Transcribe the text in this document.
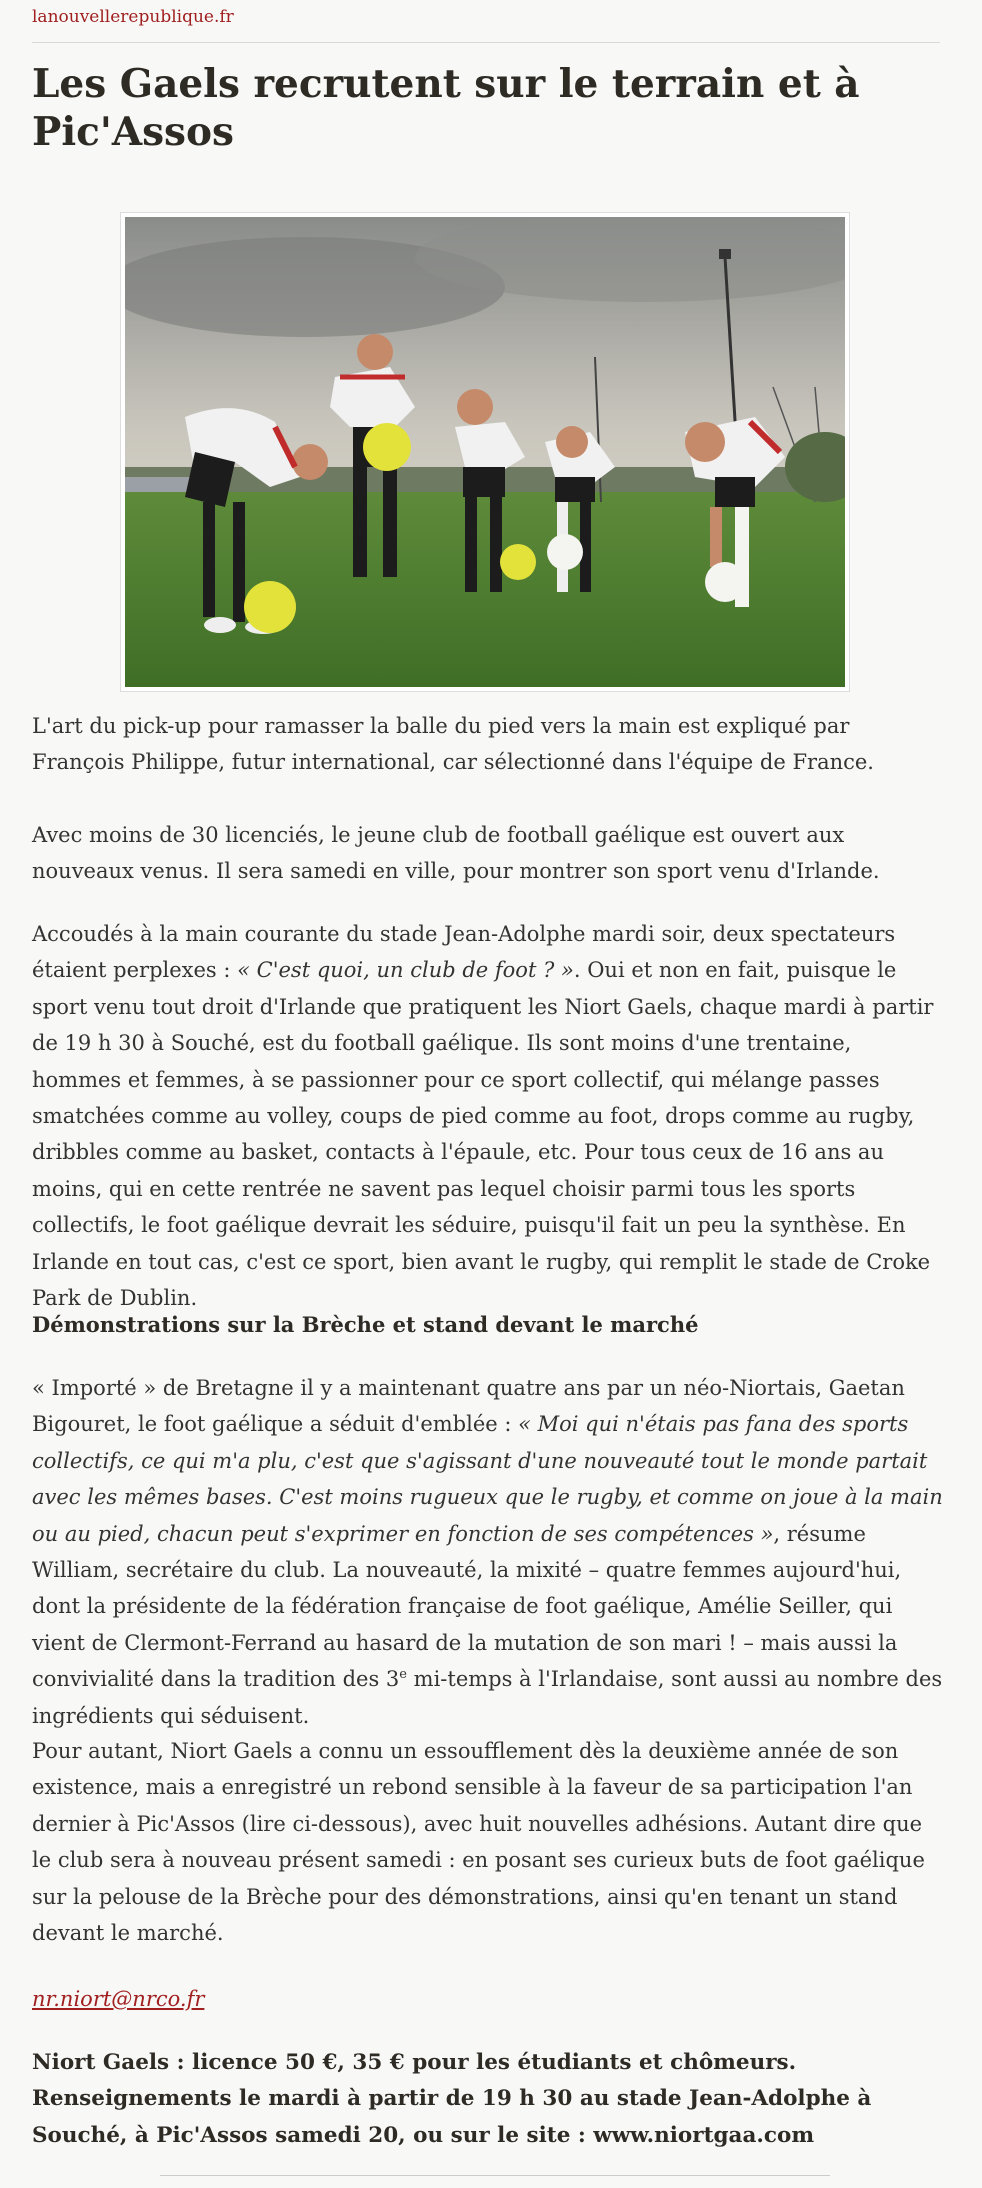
lanouvellerepublique.fr
Les Gaels recrutent sur le terrain et à Pic'Assos

L'art du pick-up pour ramasser la balle du pied vers la main est expliqué par François Philippe, futur international, car sélectionné dans l'équipe de France.

Avec moins de 30 licenciés, le jeune club de football gaélique est ouvert aux nouveaux venus. Il sera samedi en ville, pour montrer son sport venu d'Irlande.

Accoudés à la main courante du stade Jean-Adolphe mardi soir, deux spectateurs étaient perplexes : « C'est quoi, un club de foot ? ». Oui et non en fait, puisque le sport venu tout droit d'Irlande que pratiquent les Niort Gaels, chaque mardi à partir de 19 h 30 à Souché, est du football gaélique. Ils sont moins d'une trentaine, hommes et femmes, à se passionner pour ce sport collectif, qui mélange passes smatchées comme au volley, coups de pied comme au foot, drops comme au rugby, dribbles comme au basket, contacts à l'épaule, etc. Pour tous ceux de 16 ans au moins, qui en cette rentrée ne savent pas lequel choisir parmi tous les sports collectifs, le foot gaélique devrait les séduire, puisqu'il fait un peu la synthèse. En Irlande en tout cas, c'est ce sport, bien avant le rugby, qui remplit le stade de Croke Park de Dublin.

Démonstrations sur la Brèche et stand devant le marché

« Importé » de Bretagne il y a maintenant quatre ans par un néo-Niortais, Gaetan Bigouret, le foot gaélique a séduit d'emblée : « Moi qui n'étais pas fana des sports collectifs, ce qui m'a plu, c'est que s'agissant d'une nouveauté tout le monde partait avec les mêmes bases. C'est moins rugueux que le rugby, et comme on joue à la main ou au pied, chacun peut s'exprimer en fonction de ses compétences », résume William, secrétaire du club. La nouveauté, la mixité – quatre femmes aujourd'hui, dont la présidente de la fédération française de foot gaélique, Amélie Seiller, qui vient de Clermont-Ferrand au hasard de la mutation de son mari ! – mais aussi la convivialité dans la tradition des 3e mi-temps à l'Irlandaise, sont aussi au nombre des ingrédients qui séduisent.

Pour autant, Niort Gaels a connu un essoufflement dès la deuxième année de son existence, mais a enregistré un rebond sensible à la faveur de sa participation l'an dernier à Pic'Assos (lire ci-dessous), avec huit nouvelles adhésions. Autant dire que le club sera à nouveau présent samedi : en posant ses curieux buts de foot gaélique sur la pelouse de la Brèche pour des démonstrations, ainsi qu'en tenant un stand devant le marché.

nr.niort@nrco.fr

Niort Gaels : licence 50 €, 35 € pour les étudiants et chômeurs. Renseignements le mardi à partir de 19 h 30 au stade Jean-Adolphe à Souché, à Pic'Assos samedi 20, ou sur le site : www.niortgaa.com
